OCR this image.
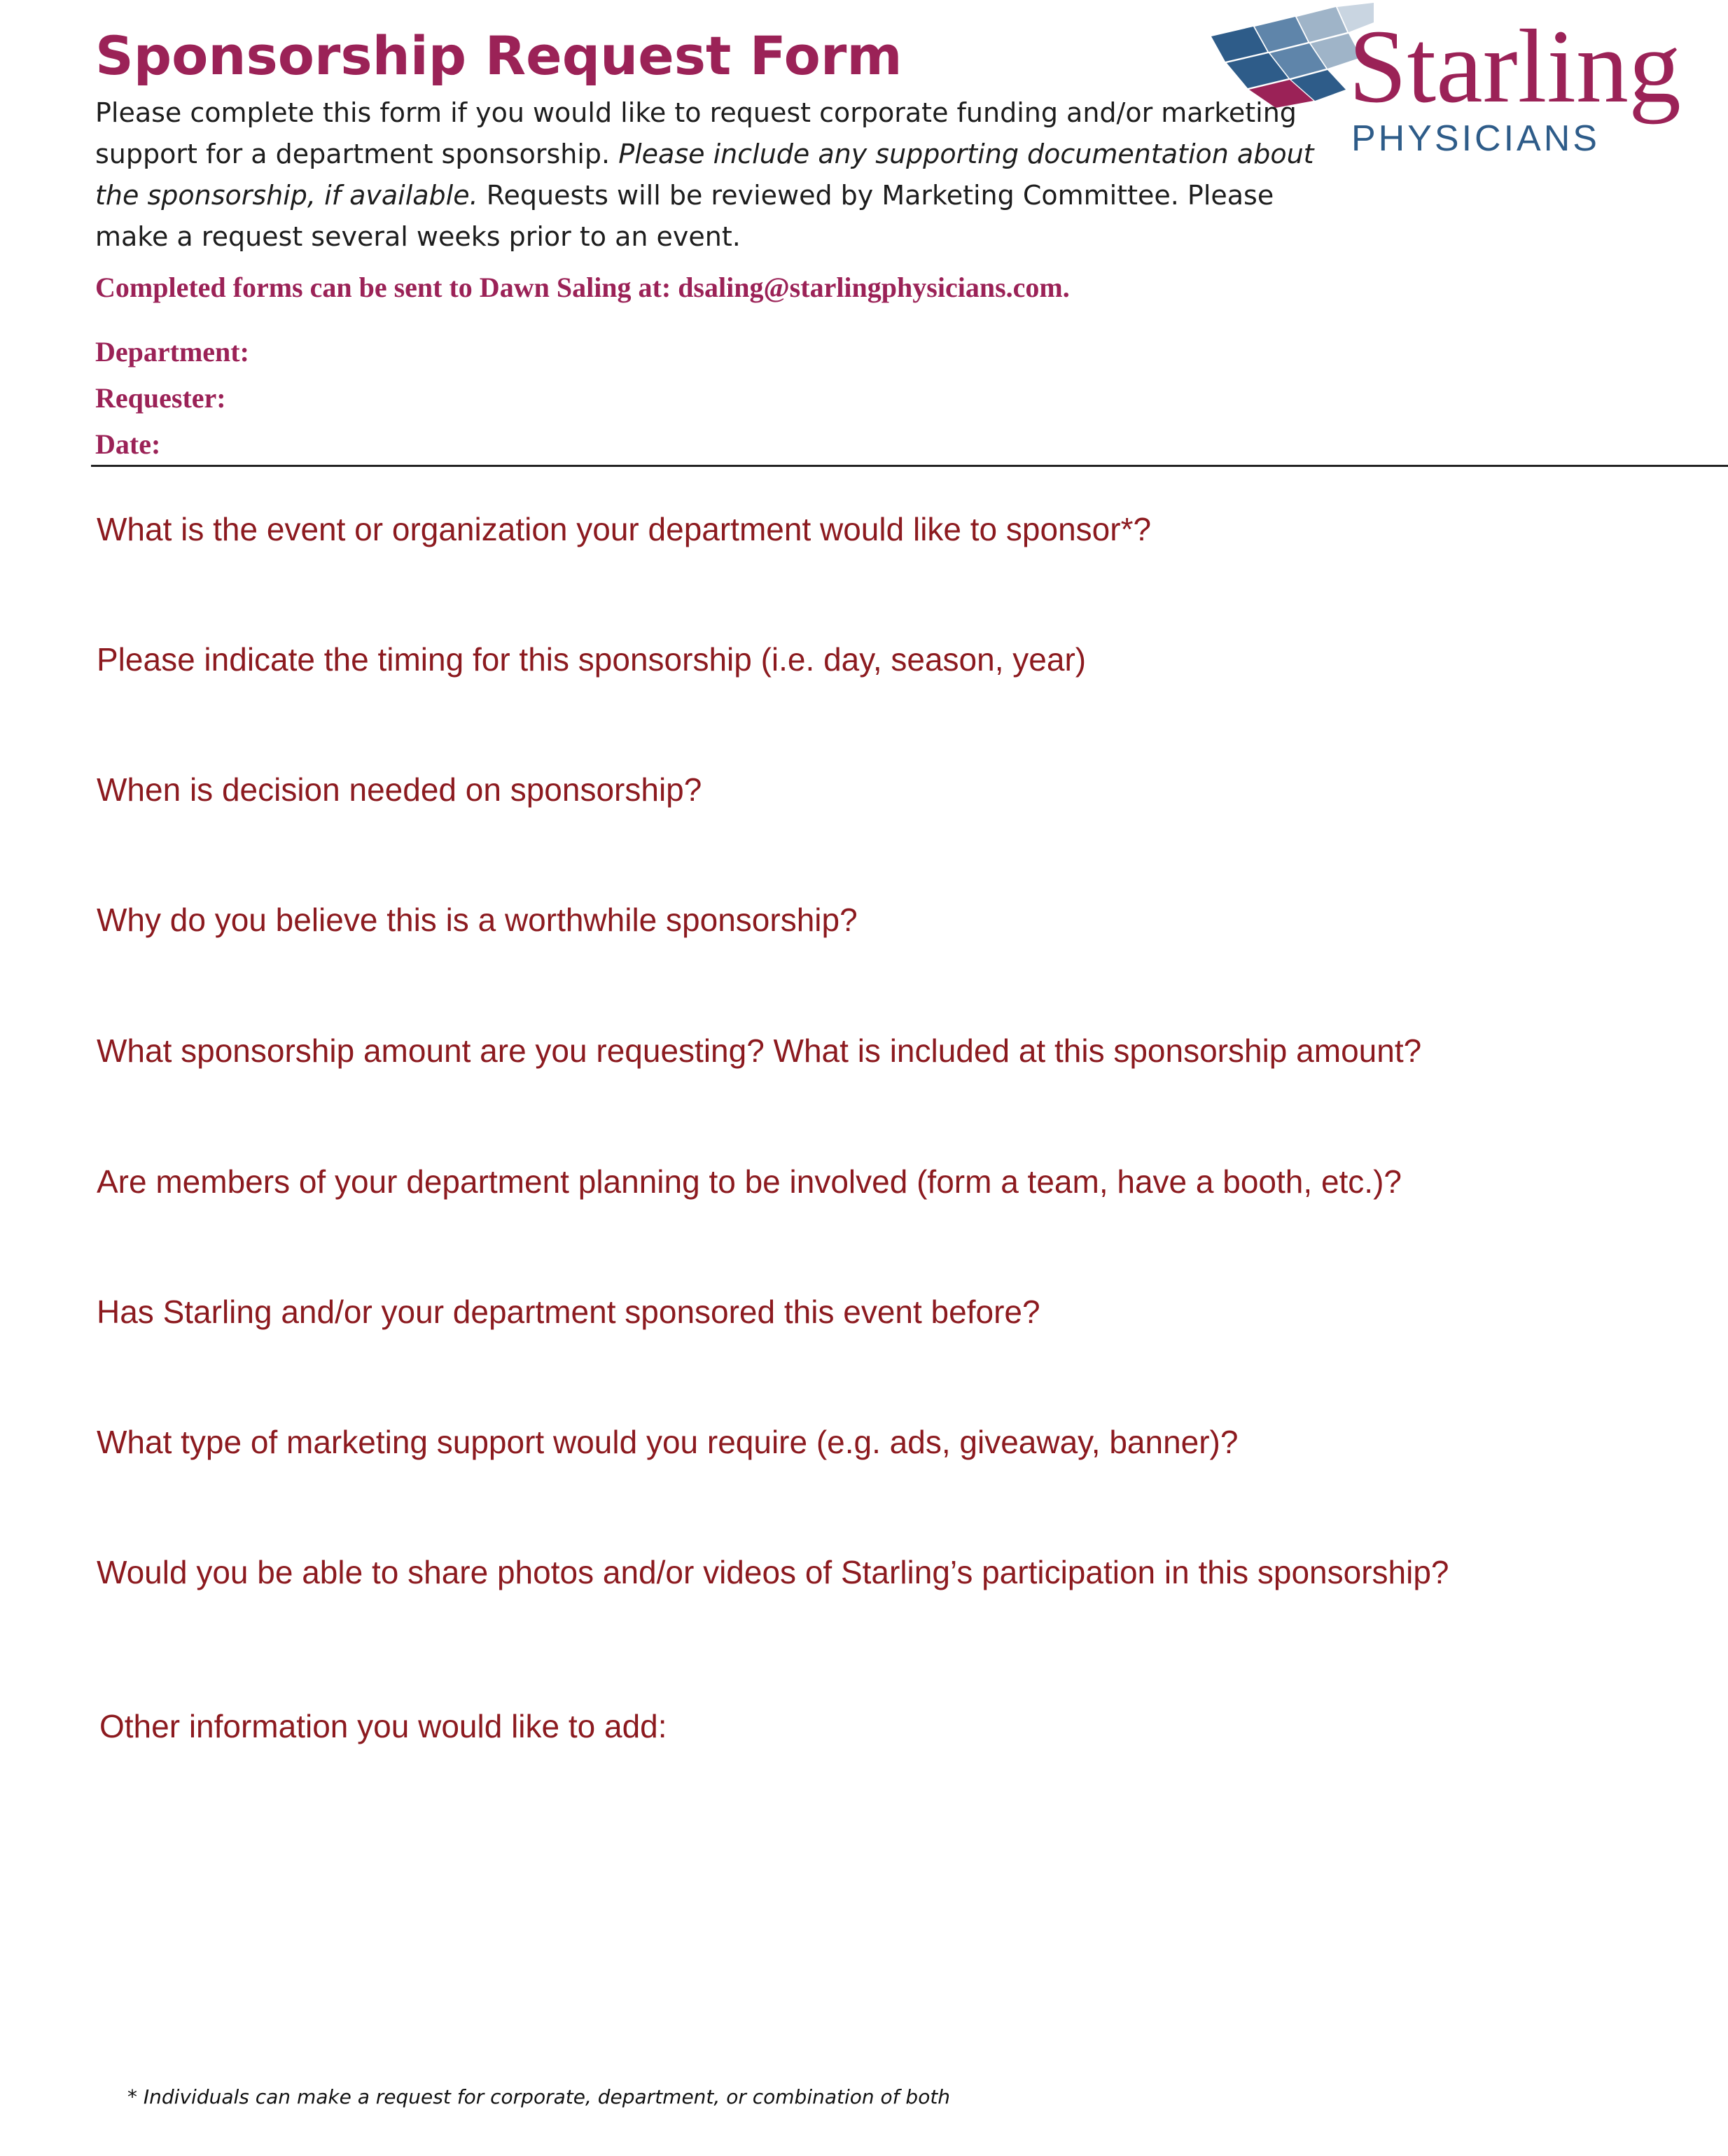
Starling
PHYSICIANS
Sponsorship Request Form

Please complete this form if you would like to request corporate funding and/or marketing support for a department sponsorship. Please include any supporting documentation about the sponsorship, if available. Requests will be reviewed by Marketing Committee. Please make a request several weeks prior to an event.

Completed forms can be sent to Dawn Saling at: dsaling@starlingphysicians.com.

Department:
Requester:
Date:
What is the event or organization your department would like to sponsor*?
Please indicate the timing for this sponsorship (i.e. day, season, year)
When is decision needed on sponsorship?
Why do you believe this is a worthwhile sponsorship?
What sponsorship amount are you requesting? What is included at this sponsorship amount?
Are members of your department planning to be involved (form a team, have a booth, etc.)?
Has Starling and/or your department sponsored this event before?
What type of marketing support would you require (e.g. ads, giveaway, banner)?
Would you be able to share photos and/or videos of Starling’s participation in this sponsorship?
Other information you would like to add:
* Individuals can make a request for corporate, department, or combination of both
